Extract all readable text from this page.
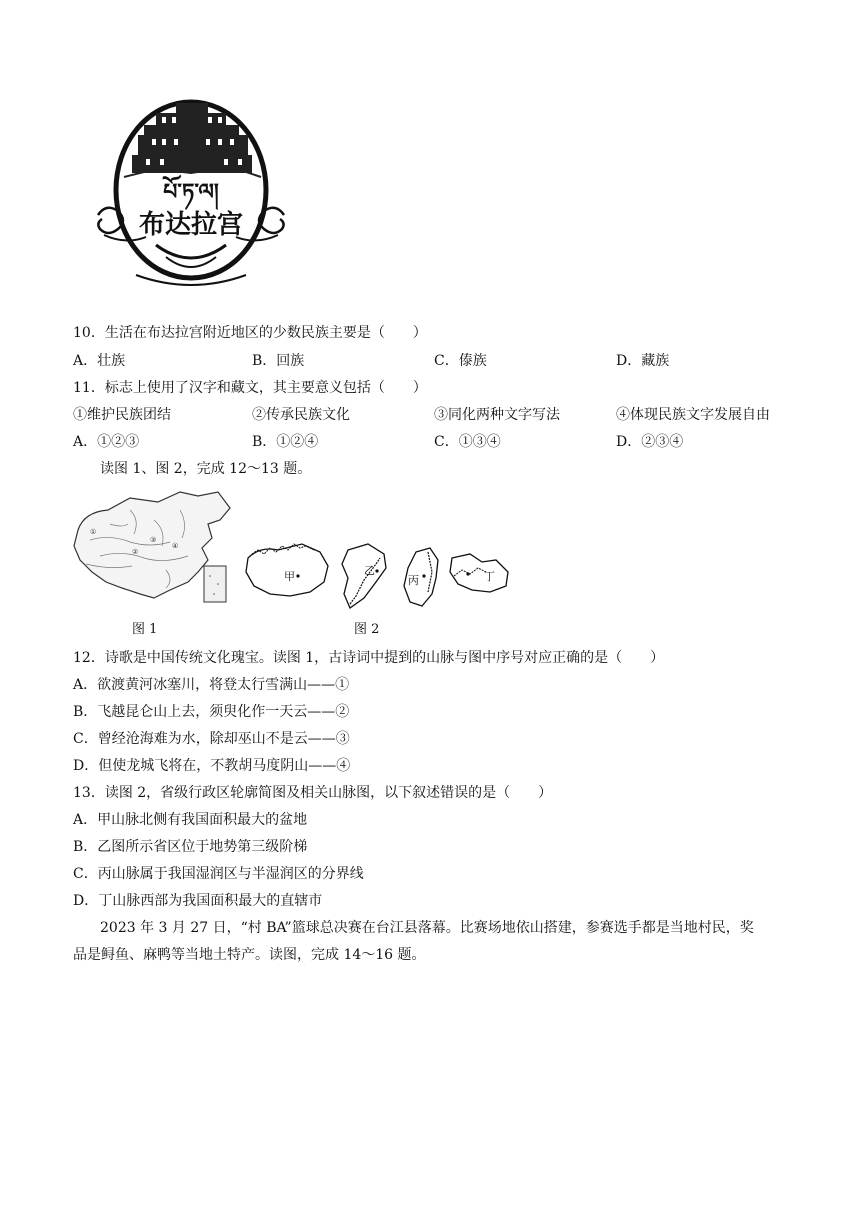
པོ་ཏ་ལ།
布达拉宫
10．生活在布达拉宫附近地区的少数民族主要是（　　）
A．壮族	B．回族	C．傣族	D．藏族
11．标志上使用了汉字和藏文，其主要意义包括（　　）
①维护民族团结	②传承民族文化	③同化两种文字写法	④体现民族文字发展自由
A．①②③	B．①②④	C．①③④	D．②③④
读图 1、图 2，完成 12～13 题。
①
②
③
④
图 1
甲	乙
丙	丁
图 2
12．诗歌是中国传统文化瑰宝。读图 1，古诗词中提到的山脉与图中序号对应正确的是（　　）
A．欲渡黄河冰塞川，将登太行雪满山——①
B．飞越昆仑山上去，须臾化作一天云——②
C．曾经沧海难为水，除却巫山不是云——③
D．但使龙城飞将在，不教胡马度阴山——④
13．读图 2，省级行政区轮廓简图及相关山脉图，以下叙述错误的是（　　）
A．甲山脉北侧有我国面积最大的盆地
B．乙图所示省区位于地势第三级阶梯
C．丙山脉属于我国湿润区与半湿润区的分界线
D．丁山脉西部为我国面积最大的直辖市
2023 年 3 月 27 日，“村 BA”篮球总决赛在台江县落幕。比赛场地依山搭建，参赛选手都是当地村民，奖
品是鲟鱼、麻鸭等当地土特产。读图，完成 14～16 题。
